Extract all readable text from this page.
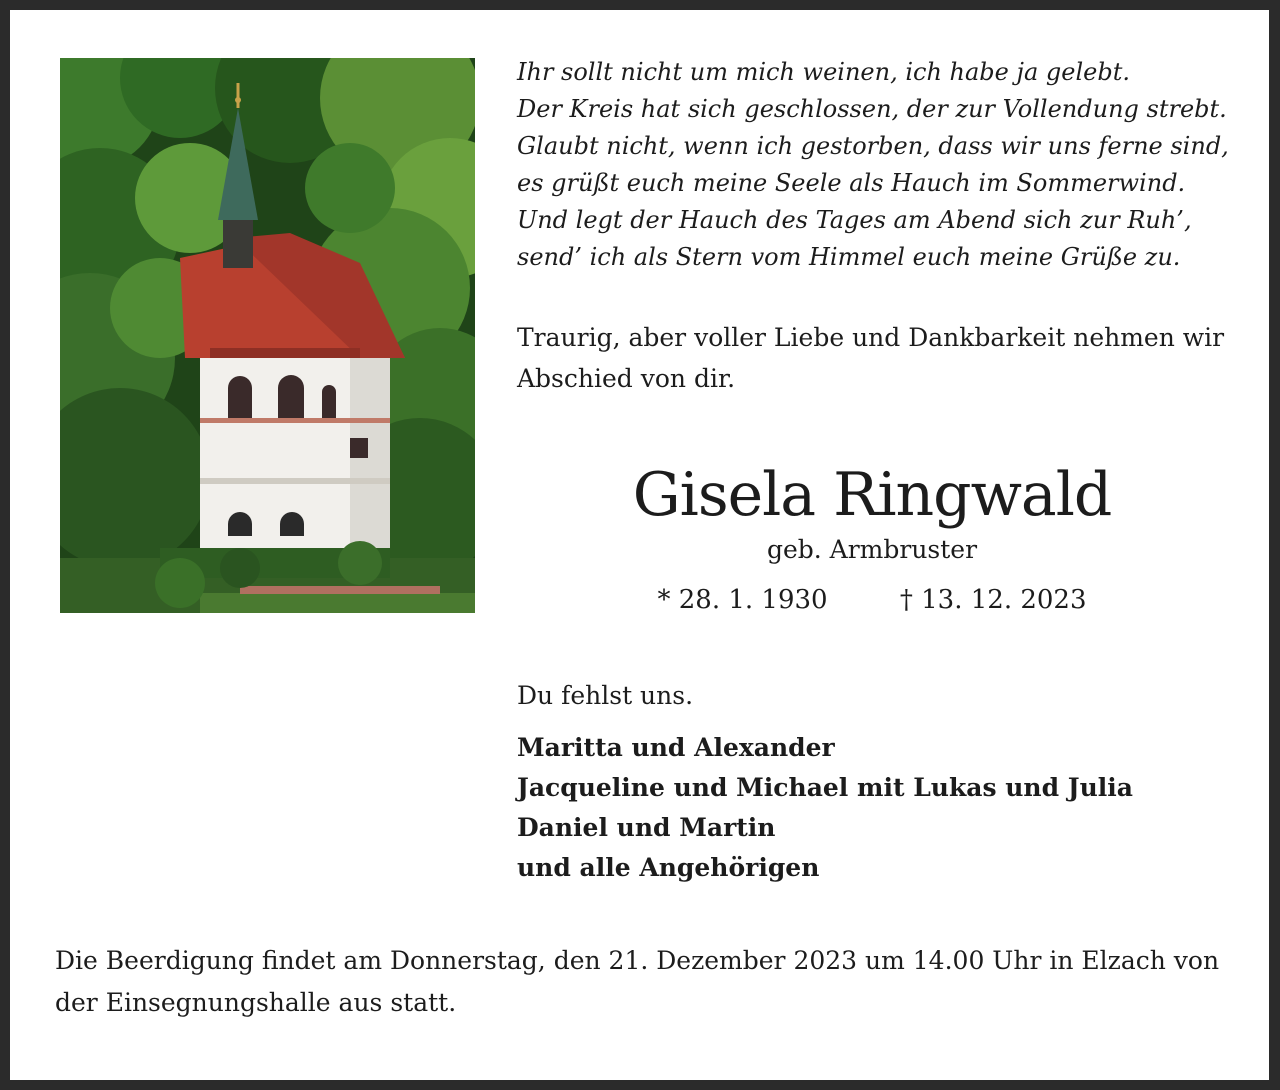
Ihr sollt nicht um mich weinen, ich habe ja gelebt.
Der Kreis hat sich geschlossen, der zur Vollendung strebt.
Glaubt nicht, wenn ich gestorben, dass wir uns ferne sind,
es grüßt euch meine Seele als Hauch im Sommerwind.
Und legt der Hauch des Tages am Abend sich zur Ruh’,
send’ ich als Stern vom Himmel euch meine Grüße zu.
Traurig, aber voller Liebe und Dankbarkeit nehmen wir Abschied von dir.
Gisela Ringwald
geb. Armbruster
* 28. 1. 1930	† 13. 12. 2023
Du fehlst uns.
Maritta und Alexander
Jacqueline und Michael mit Lukas und Julia
Daniel und Martin
und alle Angehörigen
Die Beerdigung findet am Donnerstag, den 21. Dezember 2023 um 14.00 Uhr in Elzach von der Einsegnungshalle aus statt.
